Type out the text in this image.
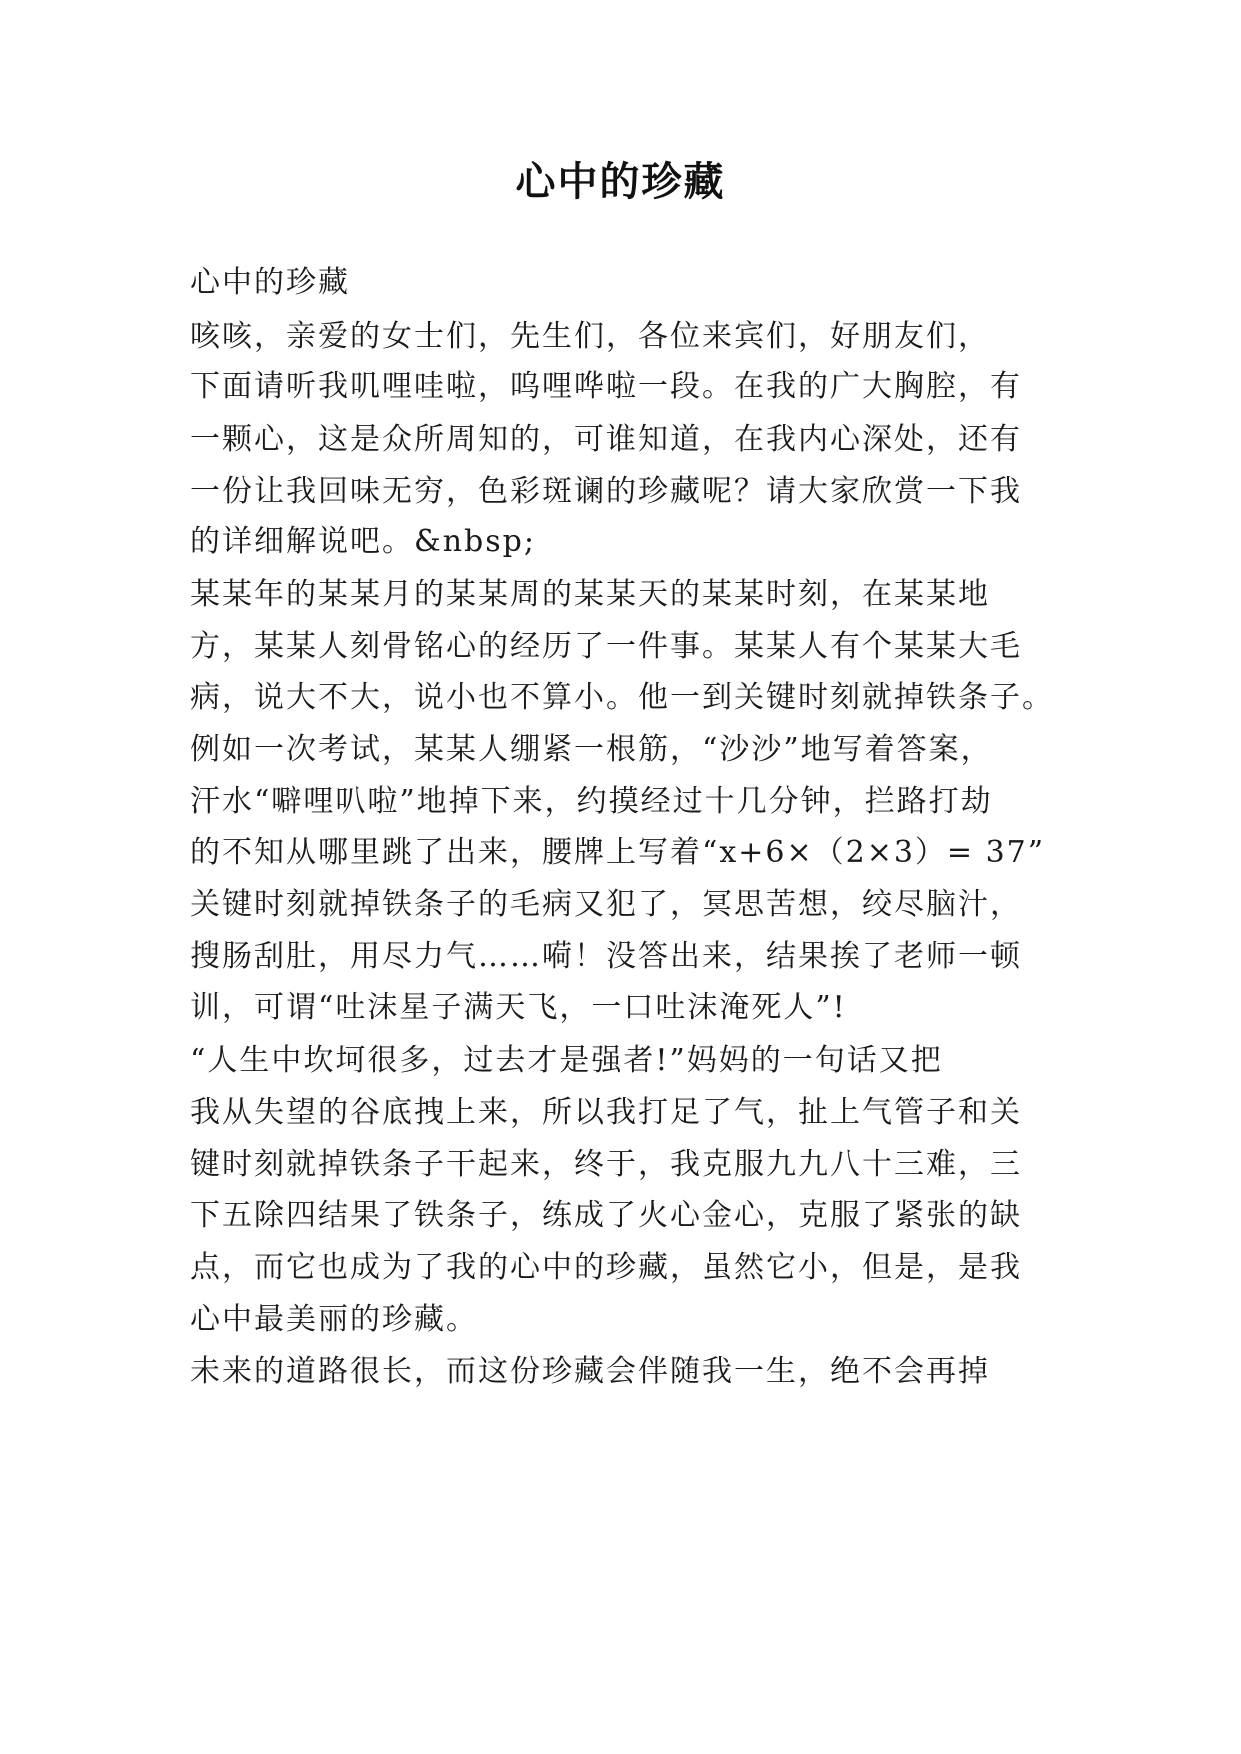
心中的珍藏
心中的珍藏
咳咳，亲爱的女士们，先生们，各位来宾们，好朋友们，
下面请听我叽哩哇啦，呜哩哗啦一段。在我的广大胸腔，有
一颗心，这是众所周知的，可谁知道，在我内心深处，还有
一份让我回味无穷，色彩斑谰的珍藏呢？请大家欣赏一下我
的详细解说吧。&nbsp;
某某年的某某月的某某周的某某天的某某时刻，在某某地
方，某某人刻骨铭心的经历了一件事。某某人有个某某大毛
病，说大不大，说小也不算小。他一到关键时刻就掉铁条子。
例如一次考试，某某人绷紧一根筋，“沙沙”地写着答案，
汗水“噼哩叭啦”地掉下来，约摸经过十几分钟，拦路打劫
的不知从哪里跳了出来，腰牌上写着“x+6×（2×3）= 37”
关键时刻就掉铁条子的毛病又犯了，冥思苦想，绞尽脑汁，
搜肠刮肚，用尽力气……嗬！没答出来，结果挨了老师一顿
训，可谓“吐沫星子满天飞，一口吐沫淹死人”!
“人生中坎坷很多，过去才是强者!”妈妈的一句话又把
我从失望的谷底拽上来，所以我打足了气，扯上气管子和关
键时刻就掉铁条子干起来，终于，我克服九九八十三难，三
下五除四结果了铁条子，练成了火心金心，克服了紧张的缺
点，而它也成为了我的心中的珍藏，虽然它小，但是，是我
心中最美丽的珍藏。
未来的道路很长，而这份珍藏会伴随我一生，绝不会再掉
